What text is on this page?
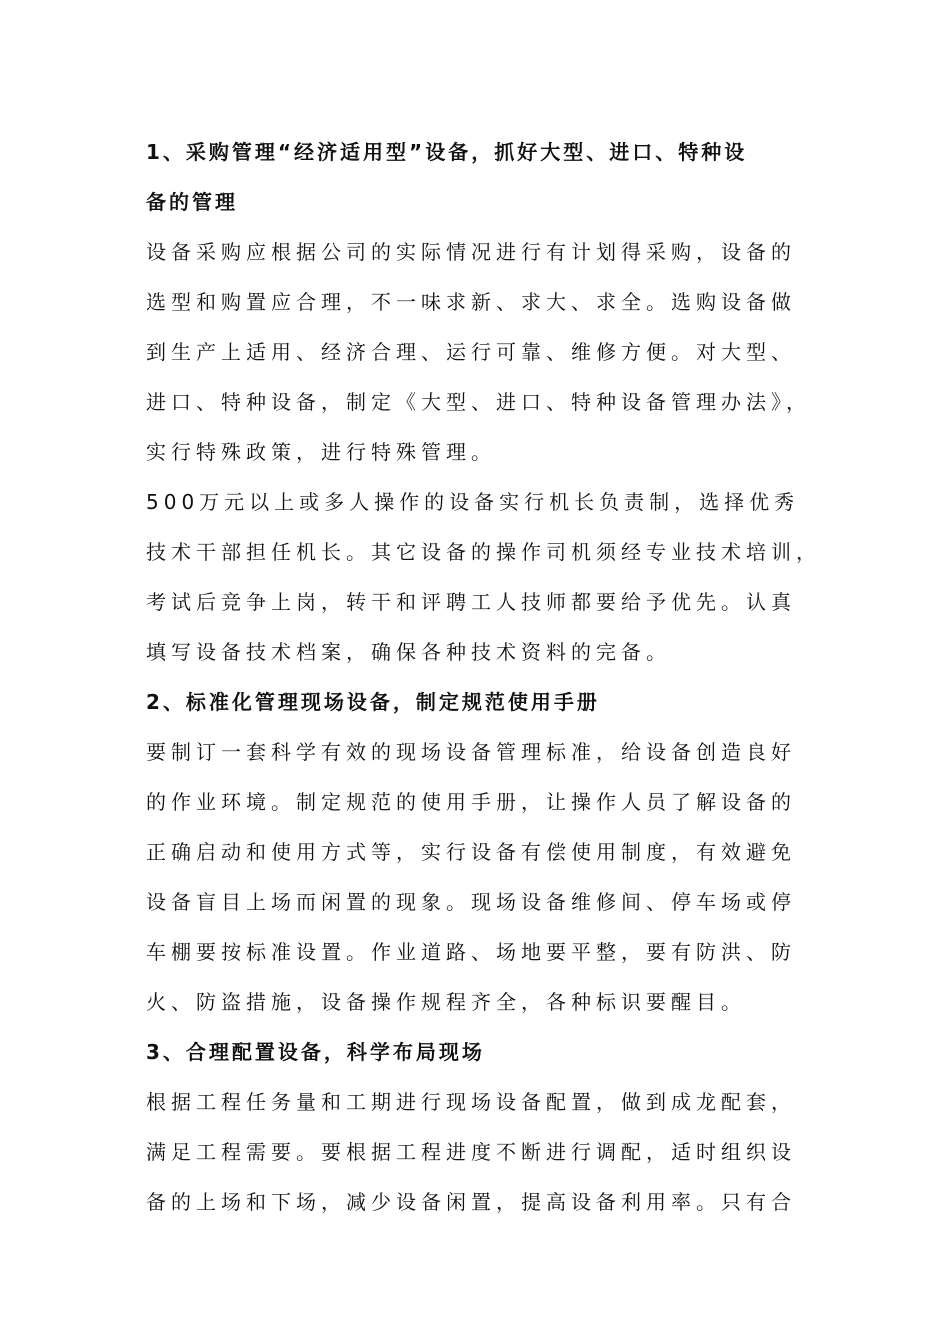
1、采购管理“经济适用型”设备，抓好大型、进口、特种设
备的管理
设备采购应根据公司的实际情况进行有计划得采购，设备的
选型和购置应合理，不一味求新、求大、求全。选购设备做
到生产上适用、经济合理、运行可靠、维修方便。对大型、
进口、特种设备，制定《大型、进口、特种设备管理办法》，
实行特殊政策，进行特殊管理。
500万元以上或多人操作的设备实行机长负责制，选择优秀
技术干部担任机长。其它设备的操作司机须经专业技术培训，
考试后竞争上岗，转干和评聘工人技师都要给予优先。认真
填写设备技术档案，确保各种技术资料的完备。
2、标准化管理现场设备，制定规范使用手册
要制订一套科学有效的现场设备管理标准，给设备创造良好
的作业环境。制定规范的使用手册，让操作人员了解设备的
正确启动和使用方式等，实行设备有偿使用制度，有效避免
设备盲目上场而闲置的现象。现场设备维修间、停车场或停
车棚要按标准设置。作业道路、场地要平整，要有防洪、防
火、防盗措施，设备操作规程齐全，各种标识要醒目。
3、合理配置设备，科学布局现场
根据工程任务量和工期进行现场设备配置，做到成龙配套，
满足工程需要。要根据工程进度不断进行调配，适时组织设
备的上场和下场，减少设备闲置，提高设备利用率。只有合
